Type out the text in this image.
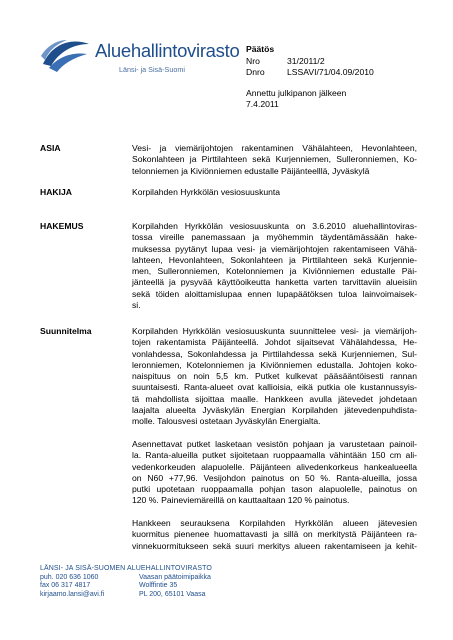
Aluehallintovirasto
Länsi- ja Sisä-Suomi
Päätös
Nro	31/2011/2
Dnro	LSSAVI/71/04.09/2010
Annettu julkipanon jälkeen
7.4.2011
ASIA	Vesi- ja viemärijohtojen rakentaminen Vähälahteen, Hevonlahteen,
Sokonlahteen ja Pirttilahteen sekä Kurjenniemen, Sulleronniemen, Ko-
telonniemen ja Kiviönniemen edustalle Päijänteelllä, Jyväskylä
HAKIJA	Korpilahden Hyrkkölän vesiosuuskunta
HAKEMUS	Korpilahden Hyrkkölän vesiosuuskunta on 3.6.2010 aluehallintoviras-
tossa vireille panemassaan ja myöhemmin täydentämässään hake-
muksessa pyytänyt lupaa vesi- ja viemärijohtojen rakentamiseen Vähä-
lahteen, Hevonlahteen, Sokonlahteen ja Pirttilahteen sekä Kurjennie-
men, Sulleronniemen, Kotelonniemen ja Kiviönniemen edustalle Päi-
jänteellä ja pysyvää käyttöoikeutta hanketta varten tarvittaviin alueisiin
sekä töiden aloittamislupaa ennen lupapäätöksen tuloa lainvoimaisek-
si.
Suunnitelma	Korpilahden Hyrkkölän vesiosuuskunta suunnittelee vesi- ja viemärijoh-
tojen rakentamista Päijänteellä. Johdot sijaitsevat Vähälahdessa, He-
vonlahdessa, Sokonlahdessa ja Pirttilahdessa sekä Kurjenniemen, Sul-
leronniemen, Kotelonniemen ja Kiviönniemen edustalla. Johtojen koko-
naispituus on noin 5,5 km. Putket kulkevat pääsääntöisesti rannan
suuntaisesti. Ranta-alueet ovat kallioisia, eikä putkia ole kustannussyis-
tä mahdollista sijoittaa maalle. Hankkeen avulla jätevedet johdetaan
laajalta alueelta Jyväskylän Energian Korpilahden jätevedenpuhdista-
molle. Talousvesi ostetaan Jyväskylän Energialta.
Asennettavat putket lasketaan vesistön pohjaan ja varustetaan painoil-
la. Ranta-alueilla putket sijoitetaan ruoppaamalla vähintään 150 cm ali-
vedenkorkeuden alapuolelle. Päijänteen alivedenkorkeus hankealueella
on N60 +77,96. Vesijohdon painotus on 50 %. Ranta-alueilla, jossa
putki upotetaan ruoppaamalla pohjan tason alapuolelle, painotus on
120 %. Paineviemäreillä on kauttaaltaan 120 % painotus.
Hankkeen seurauksena Korpilahden Hyrkkölän alueen jätevesien
kuormitus pienenee huomattavasti ja sillä on merkitystä Päijänteen ra-
vinnekuormitukseen sekä suuri merkitys alueen rakentamiseen ja kehit-
LÄNSI- JA SISÄ-SUOMEN ALUEHALLINTOVIRASTO
puh. 020 636 1060	Vaasan päätoimipaikka
fax 06 317 4817	Wolffintie 35
kirjaamo.lansi@avi.fi	PL 200, 65101 Vaasa
